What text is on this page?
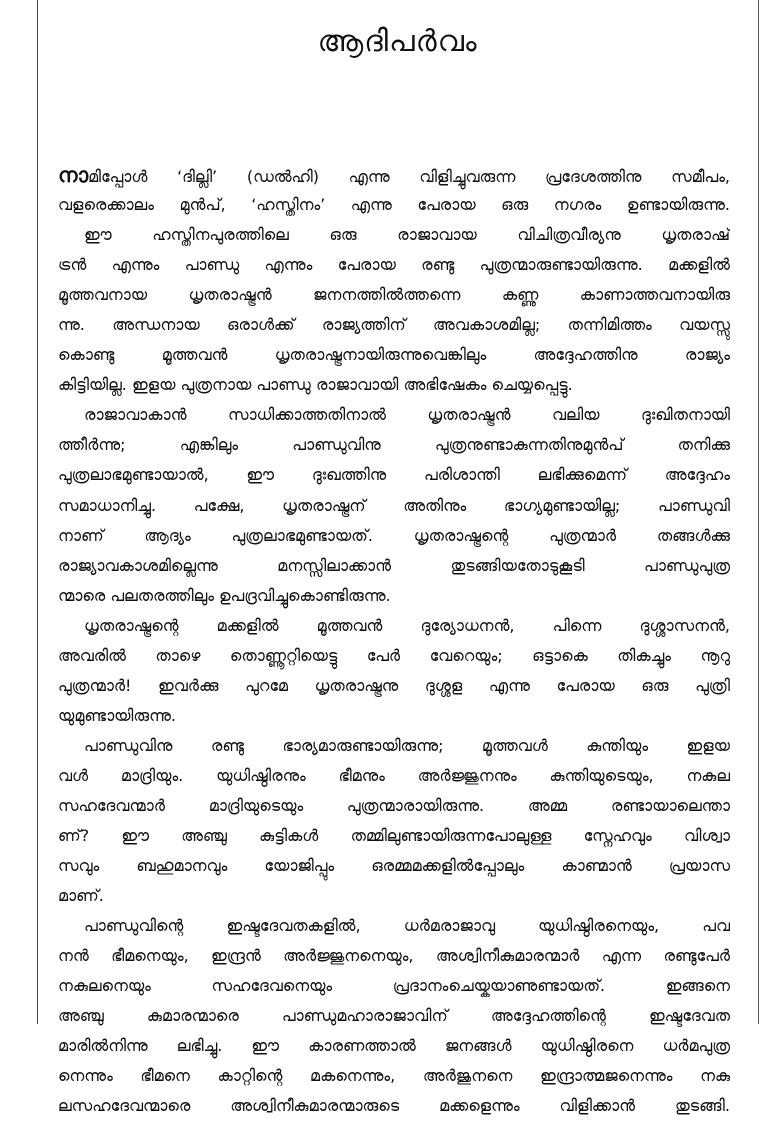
ആദിപർവം
നാമിപ്പോൾ ‘ദില്ലി’ (ഡൽഹി) എന്നു വിളിച്ചുവരുന്ന പ്രദേശത്തിനു സമീപം,
വളരെക്കാലം മുൻപ്, ‘ഹസ്തിനം’ എന്നു പേരായ ഒരു നഗരം ഉണ്ടായിരുന്നു.
ഈ ഹസ്തിനപുരത്തിലെ ഒരു രാജാവായ വിചിത്രവീര്യനു ധൃതരാഷ്
ട്രൻ എന്നും പാണ്ഡു എന്നും പേരായ രണ്ടു പുത്രന്മാരുണ്ടായിരുന്നു. മക്കളിൽ
മൂത്തവനായ ധൃതരാഷ്ട്രൻ ജനനത്തിൽത്തന്നെ കണ്ണു കാണാത്തവനായിരു
ന്നു. അന്ധനായ ഒരാൾക്ക് രാജ്യത്തിന് അവകാശമില്ല; തന്നിമിത്തം വയസ്സു
കൊണ്ടു മൂത്തവൻ ധൃതരാഷ്ട്രനായിരുന്നുവെങ്കിലും അദ്ദേഹത്തിനു രാജ്യം
കിട്ടിയില്ല. ഇളയ പുത്രനായ പാണ്ഡു രാജാവായി അഭിഷേകം ചെയ്യപ്പെട്ടു.
രാജാവാകാൻ സാധിക്കാത്തതിനാൽ ധൃതരാഷ്ട്രൻ വലിയ ദുഃഖിതനായി
ത്തീർന്നു; എങ്കിലും പാണ്ഡുവിനു പുത്രനുണ്ടാകുന്നതിനുമുൻപ് തനിക്കു
പുത്രലാഭമുണ്ടായാൽ, ഈ ദുഃഖത്തിനു പരിശാന്തി ലഭിക്കുമെന്ന് അദ്ദേഹം
സമാധാനിച്ചു. പക്ഷേ, ധൃതരാഷ്ട്രന് അതിനും ഭാഗ്യമുണ്ടായില്ല; പാണ്ഡുവി
നാണ് ആദ്യം പുത്രലാഭമുണ്ടായത്. ധൃതരാഷ്ട്രന്റെ പുത്രന്മാർ തങ്ങൾക്കു
രാജ്യാവകാശമില്ലെന്നു മനസ്സിലാക്കാൻ തുടങ്ങിയതോടുകൂടി പാണ്ഡുപുത്ര
ന്മാരെ പലതരത്തിലും ഉപദ്രവിച്ചുകൊണ്ടിരുന്നു.
ധൃതരാഷ്ട്രന്റെ മക്കളിൽ മൂത്തവൻ ദുര്യോധനൻ, പിന്നെ ദുശ്ശാസനൻ,
അവരിൽ താഴെ തൊണ്ണൂറ്റിയെട്ടു പേർ വേറെയും; ഒട്ടാകെ തികച്ചും നൂറു
പുത്രന്മാർ! ഇവർക്കു പുറമേ ധൃതരാഷ്ട്രനു ദുശ്ശള എന്നു പേരായ ഒരു പുത്രി
യുമുണ്ടായിരുന്നു.
പാണ്ഡുവിനു രണ്ടു ഭാര്യമാരുണ്ടായിരുന്നു; മൂത്തവൾ കുന്തിയും ഇളയ
വൾ മാദ്രിയും. യുധിഷ്ഠിരനും ഭീമനും അർജ്ജുനനും കുന്തിയുടെയും, നകുല
സഹദേവന്മാർ മാദ്രിയുടെയും പുത്രന്മാരായിരുന്നു. അമ്മ രണ്ടായാലെന്താ
ണ്? ഈ അഞ്ചു കുട്ടികൾ തമ്മിലുണ്ടായിരുന്നപോലുള്ള സ്നേഹവും വിശ്വാ
സവും ബഹുമാനവും യോജിപ്പും ഒരമ്മമക്കളിൽപ്പോലും കാണ്മാൻ പ്രയാസ
മാണ്.
പാണ്ഡുവിന്റെ ഇഷ്ടദേവതകളിൽ, ധർമരാജാവു യുധിഷ്ഠിരനെയും, പവ
നൻ ഭീമനെയും, ഇന്ദ്രൻ അർജ്ജുനനെയും, അശ്വിനീകുമാരന്മാർ എന്ന രണ്ടുപേർ
നകുലനെയും സഹദേവനെയും പ്രദാനംചെയ്കയാണുണ്ടായത്. ഇങ്ങനെ
അഞ്ചു കുമാരന്മാരെ പാണ്ഡുമഹാരാജാവിന് അദ്ദേഹത്തിന്റെ ഇഷ്ടദേവത
മാരിൽനിന്നു ലഭിച്ചു. ഈ കാരണത്താൽ ജനങ്ങൾ യുധിഷ്ഠിരനെ ധർമപുത്ര
നെന്നും ഭീമനെ കാറ്റിന്റെ മകനെന്നും, അർജുനനെ ഇന്ദ്രാത്മജനെന്നും നകു
ലസഹദേവന്മാരെ അശ്വിനീകുമാരന്മാരുടെ മക്കളെന്നും വിളിക്കാൻ തുടങ്ങി.
